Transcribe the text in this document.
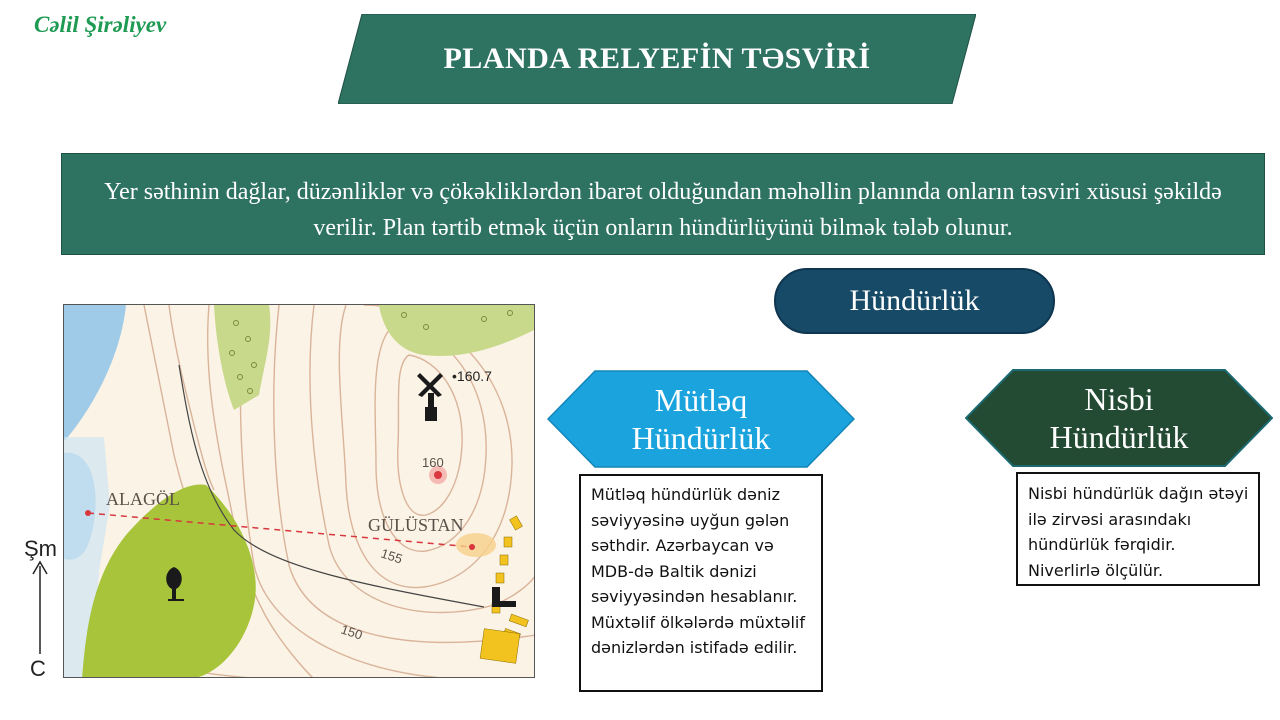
Cəlil Şirəliyev
PLANDA RELYEFİN TƏSVİRİ
Yer səthinin dağlar, düzənliklər və çökəkliklərdən ibarət olduğundan məhəllin planında onların təsviri xüsusi şəkildə verilir. Plan tərtib etmək üçün onların hündürlüyünü bilmək tələb olunur.
ALAGÖL
GÜLÜSTAN
•160.7
160
155
150
Şm
C
Hündürlük
Mütləq
Hündürlük
Nisbi
Hündürlük
Mütləq hündürlük dəniz səviyyəsinə uyğun gələn səthdir. Azərbaycan və MDB-də Baltik dənizi səviyyəsindən hesablanır. Müxtəlif ölkələrdə müxtəlif dənizlərdən istifadə edilir.
Nisbi hündürlük dağın ətəyi ilə zirvəsi arasındakı hündürlük fərqidir. Niverlirlə ölçülür.
